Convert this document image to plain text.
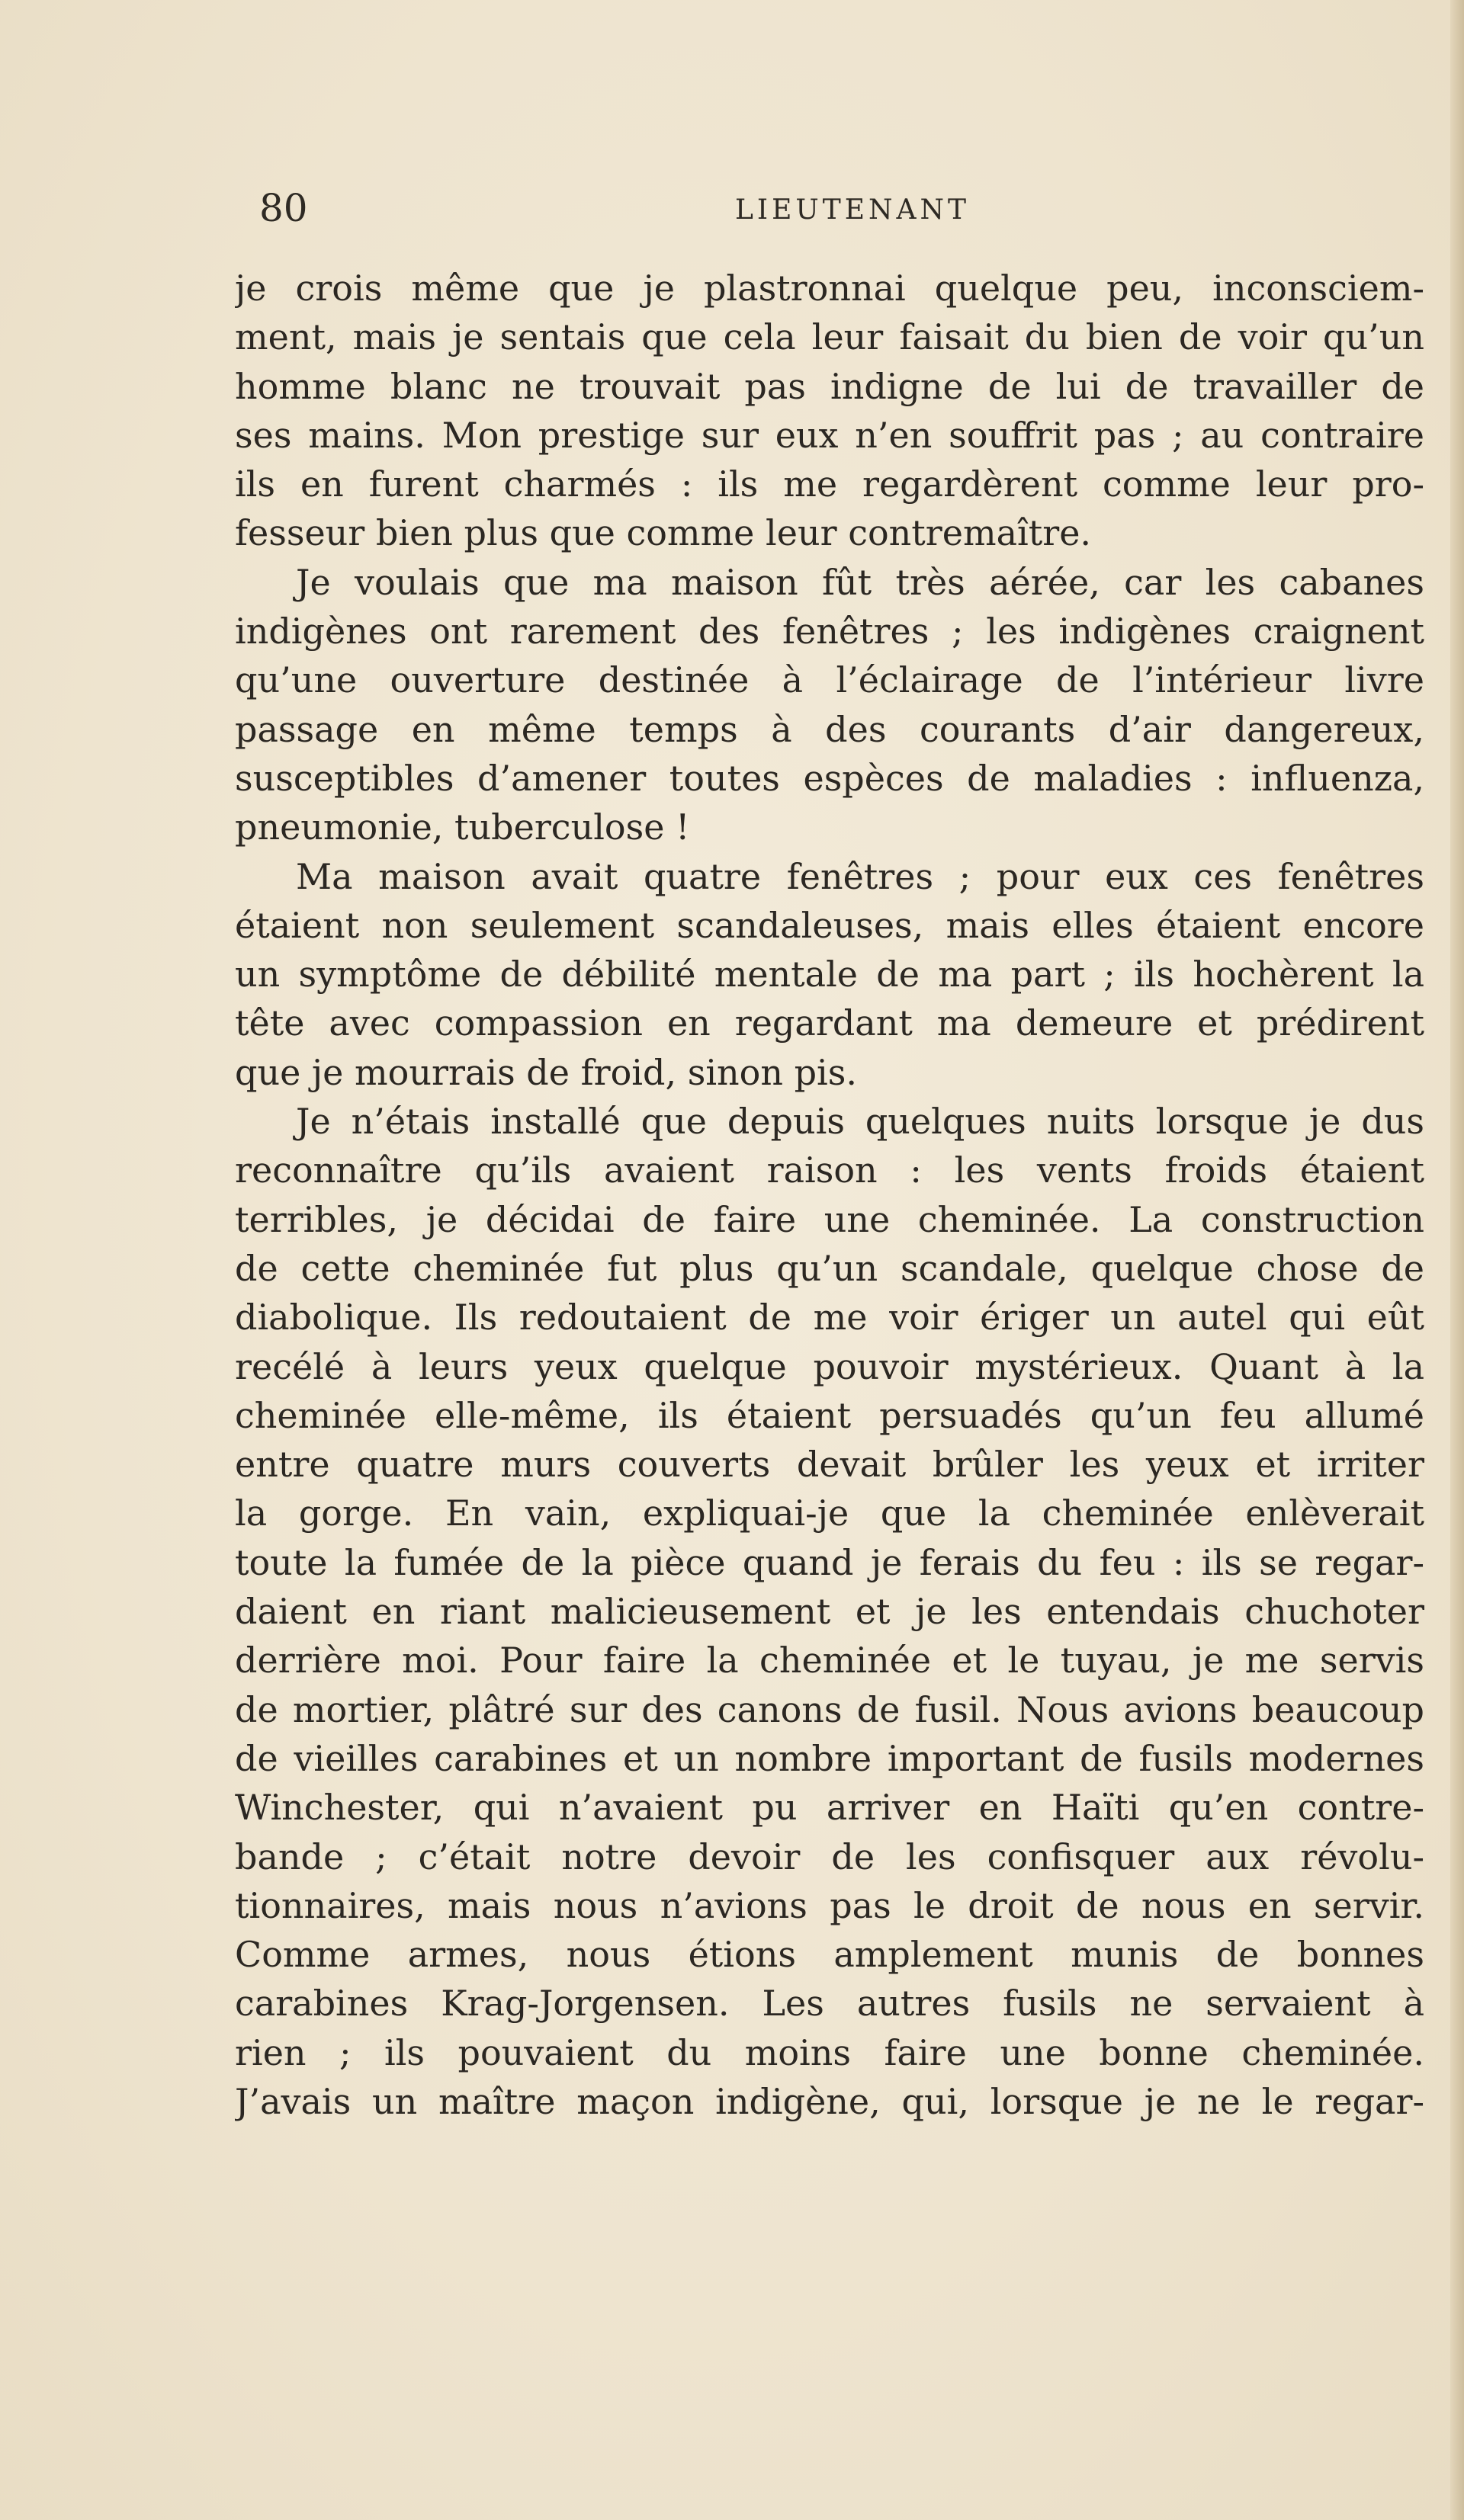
80	LIEUTENANT
je crois même que je plastronnai quelque peu, inconsciem-
ment, mais je sentais que cela leur faisait du bien de voir qu’un
homme blanc ne trouvait pas indigne de lui de travailler de
ses mains. Mon prestige sur eux n’en souffrit pas ; au contraire
ils en furent charmés : ils me regardèrent comme leur pro-
fesseur bien plus que comme leur contremaître.
Je voulais que ma maison fût très aérée, car les cabanes
indigènes ont rarement des fenêtres ; les indigènes craignent
qu’une ouverture destinée à l’éclairage de l’intérieur livre
passage en même temps à des courants d’air dangereux,
susceptibles d’amener toutes espèces de maladies : influenza,
pneumonie, tuberculose !
Ma maison avait quatre fenêtres ; pour eux ces fenêtres
étaient non seulement scandaleuses, mais elles étaient encore
un symptôme de débilité mentale de ma part ; ils hochèrent la
tête avec compassion en regardant ma demeure et prédirent
que je mourrais de froid, sinon pis.
Je n’étais installé que depuis quelques nuits lorsque je dus
reconnaître qu’ils avaient raison : les vents froids étaient
terribles, je décidai de faire une cheminée. La construction
de cette cheminée fut plus qu’un scandale, quelque chose de
diabolique. Ils redoutaient de me voir ériger un autel qui eût
recélé à leurs yeux quelque pouvoir mystérieux. Quant à la
cheminée elle-même, ils étaient persuadés qu’un feu allumé
entre quatre murs couverts devait brûler les yeux et irriter
la gorge. En vain, expliquai-je que la cheminée enlèverait
toute la fumée de la pièce quand je ferais du feu : ils se regar-
daient en riant malicieusement et je les entendais chuchoter
derrière moi. Pour faire la cheminée et le tuyau, je me servis
de mortier, plâtré sur des canons de fusil. Nous avions beaucoup
de vieilles carabines et un nombre important de fusils modernes
Winchester, qui n’avaient pu arriver en Haïti qu’en contre-
bande ; c’était notre devoir de les confisquer aux révolu-
tionnaires, mais nous n’avions pas le droit de nous en servir.
Comme armes, nous étions amplement munis de bonnes
carabines Krag-Jorgensen. Les autres fusils ne servaient à
rien ; ils pouvaient du moins faire une bonne cheminée.
J’avais un maître maçon indigène, qui, lorsque je ne le regar-
